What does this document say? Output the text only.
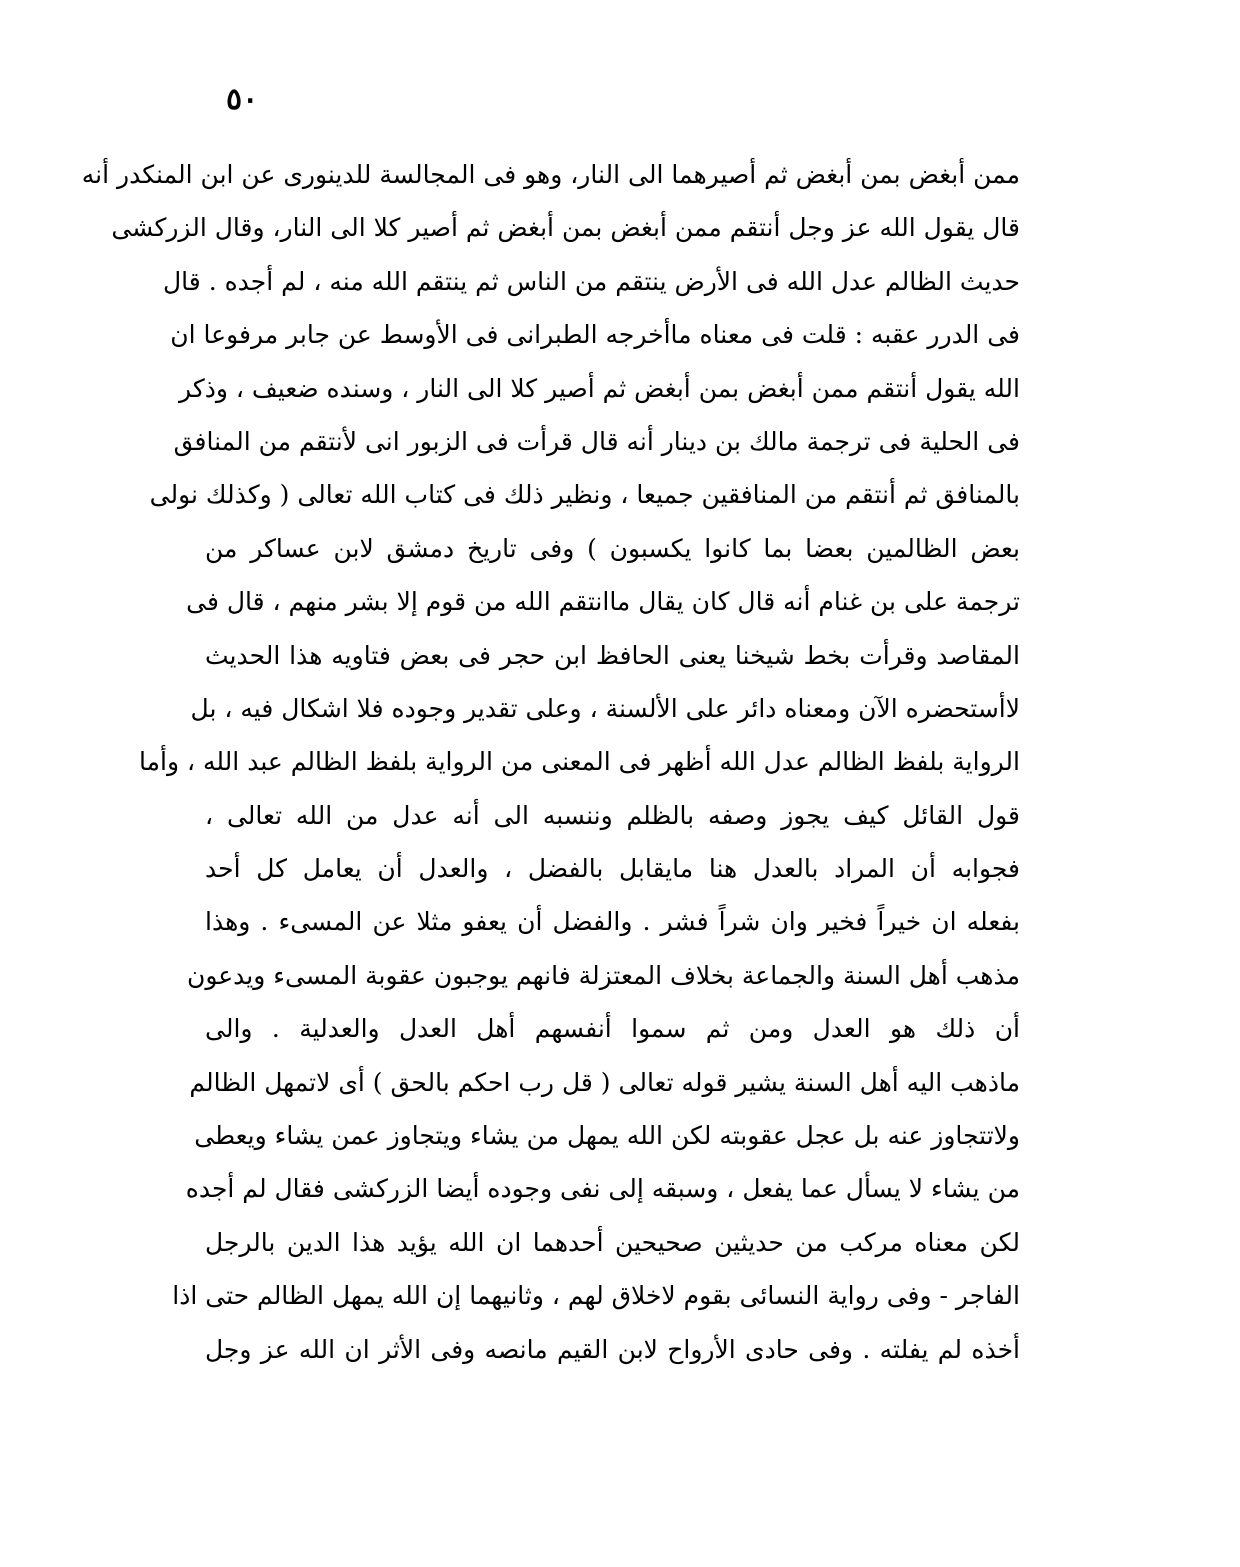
٥٠
ممن أبغض بمن أبغض ثم أصيرهما الى النار، وهو فى المجالسة للدينورى عن ابن المنكدر أنه
قال يقول الله عز وجل أنتقم ممن أبغض بمن أبغض ثم أصير كلا الى النار، وقال الزركشى
حديث الظالم عدل الله فى الأرض ينتقم من الناس ثم ينتقم الله منه ، لم أجده . قال
فى الدرر عقبه : قلت فى معناه ماأخرجه الطبرانى فى الأوسط عن جابر مرفوعا ان
الله يقول أنتقم ممن أبغض بمن أبغض ثم أصير كلا الى النار ، وسنده ضعيف ، وذكر
فى الحلية فى ترجمة مالك بن دينار أنه قال قرأت فى الزبور انى لأنتقم من المنافق
بالمنافق ثم أنتقم من المنافقين جميعا ، ونظير ذلك فى كتاب الله تعالى ( وكذلك نولى
بعض الظالمين بعضا بما كانوا يكسبون ) وفى تاريخ دمشق لابن عساكر من
ترجمة على بن غنام أنه قال كان يقال ماانتقم الله من قوم إلا بشر منهم ، قال فى
المقاصد وقرأت بخط شيخنا يعنى الحافظ ابن حجر فى بعض فتاويه هذا الحديث
لاأستحضره الآن ومعناه دائر على الألسنة ، وعلى تقدير وجوده فلا اشكال فيه ، بل
الرواية بلفظ الظالم عدل الله أظهر فى المعنى من الرواية بلفظ الظالم عبد الله ، وأما
قول القائل كيف يجوز وصفه بالظلم وننسبه الى أنه عدل من الله تعالى ،
فجوابه أن المراد بالعدل هنا مايقابل بالفضل ، والعدل أن يعامل كل أحد
بفعله ان خيراً فخير وان شراً فشر . والفضل أن يعفو مثلا عن المسىء . وهذا
مذهب أهل السنة والجماعة بخلاف المعتزلة فانهم يوجبون عقوبة المسىء ويدعون
أن ذلك هو العدل ومن ثم سموا أنفسهم أهل العدل والعدلية . والى
ماذهب اليه أهل السنة يشير قوله تعالى ( قل رب احكم بالحق ) أى لاتمهل الظالم
ولاتتجاوز عنه بل عجل عقوبته لكن الله يمهل من يشاء ويتجاوز عمن يشاء ويعطى
من يشاء لا يسأل عما يفعل ، وسبقه إلى نفى وجوده أيضا الزركشى فقال لم أجده
لكن معناه مركب من حديثين صحيحين أحدهما ان الله يؤيد هذا الدين بالرجل
الفاجر - وفى رواية النسائى بقوم لاخلاق لهم ، وثانيهما إن الله يمهل الظالم حتى اذا
أخذه لم يفلته . وفى حادى الأرواح لابن القيم مانصه وفى الأثر ان الله عز وجل
